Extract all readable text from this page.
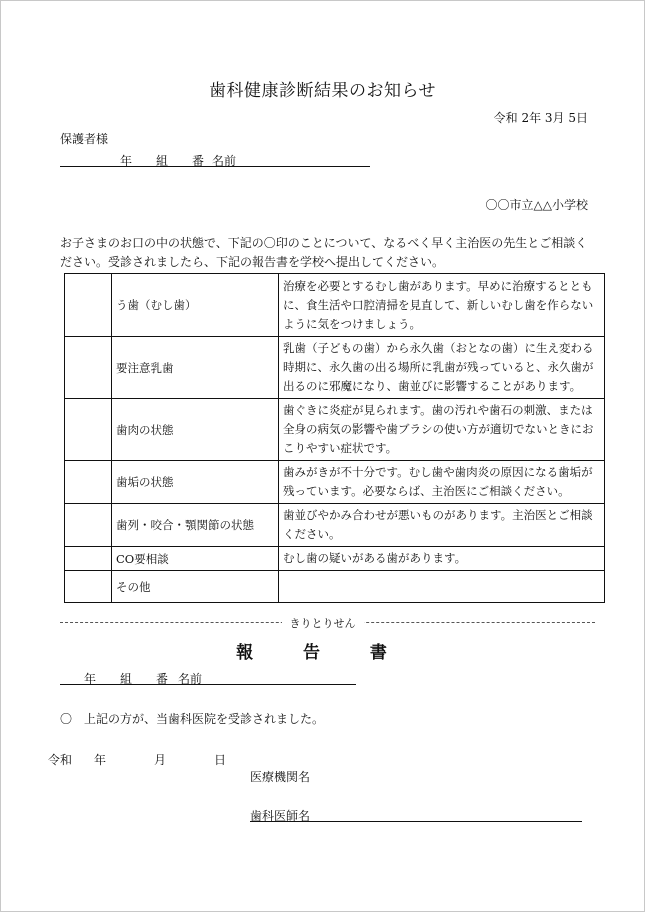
歯科健康診断結果のお知らせ
令和 2年 3月 5日
保護者様
年 組 番 名前
〇〇市立△△小学校
お子さまのお口の中の状態で、下記の〇印のことについて、なるべく早く主治医の先生とご相談ください。受診されましたら、下記の報告書を学校へ提出してください。
	う歯（むし歯）	治療を必要とするむし歯があります。早めに治療するとともに、食生活や口腔清掃を見直して、新しいむし歯を作らないように気をつけましょう。
	要注意乳歯	乳歯（子どもの歯）から永久歯（おとなの歯）に生え変わる時期に、永久歯の出る場所に乳歯が残っていると、永久歯が出るのに邪魔になり、歯並びに影響することがあります。
	歯肉の状態	歯ぐきに炎症が見られます。歯の汚れや歯石の刺激、または全身の病気の影響や歯ブラシの使い方が適切でないときにおこりやすい症状です。
	歯垢の状態	歯みがきが不十分です。むし歯や歯肉炎の原因になる歯垢が残っています。必要ならば、主治医にご相談ください。
	歯列・咬合・顎関節の状態	歯並びやかみ合わせが悪いものがあります。主治医とご相談ください。
	CO要相談	むし歯の疑いがある歯があります。
	その他	
きりとりせん
報 告 書
年 組 番 名前
〇　上記の方が、当歯科医院を受診されました。
令和 年	月	日
医療機関名
歯科医師名
